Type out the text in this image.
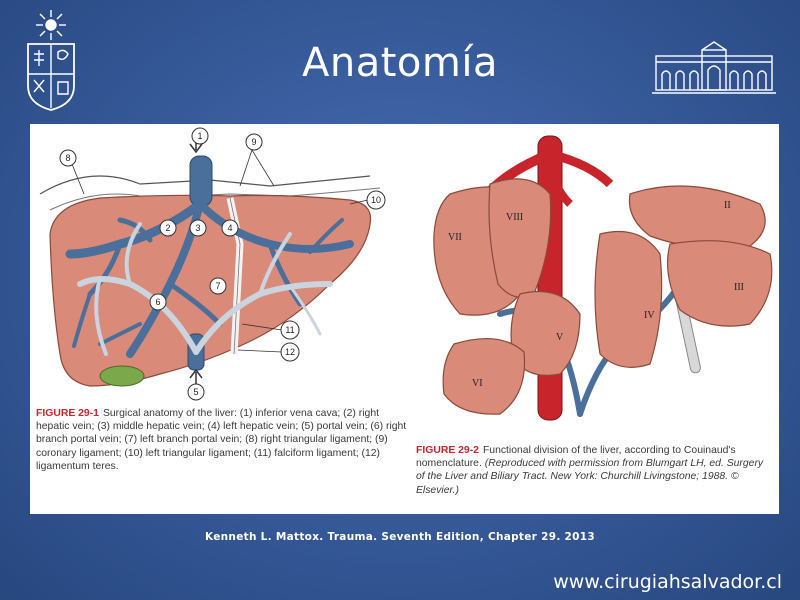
Anatomía
1
2	3	4
5
6
7
8
9
10
11
12
II
III
IV
V
VI
VII
VIII
FIGURE 29-1 Surgical anatomy of the liver: (1) inferior vena cava; (2) right hepatic vein; (3) middle hepatic vein; (4) left hepatic vein; (5) portal vein; (6) right branch portal vein; (7) left branch portal vein; (8) right triangular ligament; (9) coronary ligament; (10) left triangular ligament; (11) falciform ligament; (12) ligamentum teres.
FIGURE 29-2 Functional division of the liver, according to Couinaud's nomenclature. (Reproduced with permission from Blumgart LH, ed. Surgery of the Liver and Biliary Tract. New York: Churchill Livingstone; 1988. © Elsevier.)
Kenneth L. Mattox. Trauma. Seventh Edition, Chapter 29. 2013
www.cirugiahsalvador.cl
